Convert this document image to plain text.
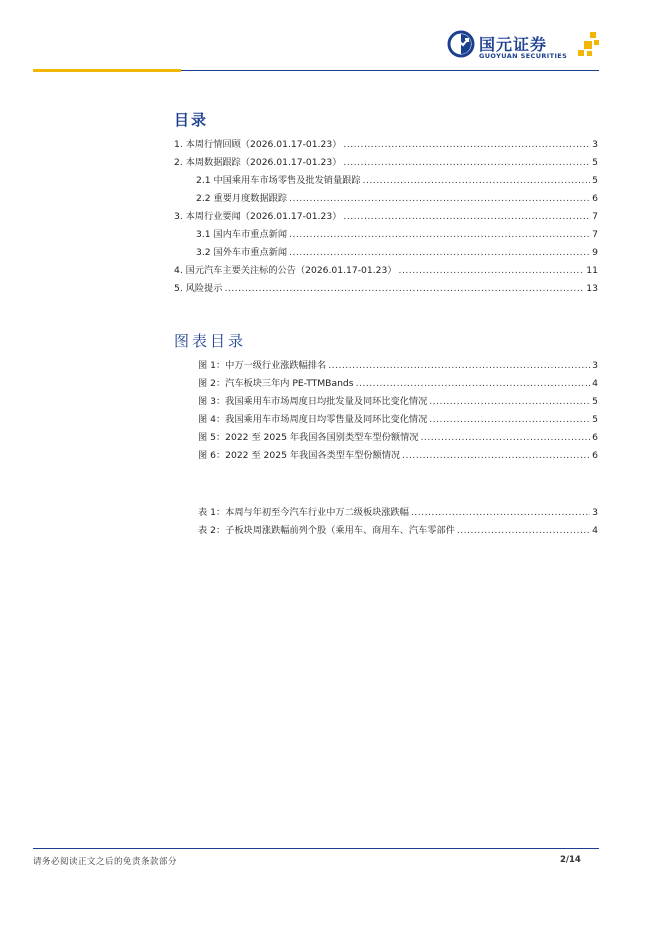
国元证券
GUOYUAN SECURITIES
目录
1. 本周行情回顾（2026.01.17-01.23） .....	3
2. 本周数据跟踪（2026.01.17-01.23） .....	5
2.1 中国乘用车市场零售及批发销量跟踪 .....	5
2.2 重要月度数据跟踪 .....	6
3. 本周行业要闻（2026.01.17-01.23） .....	7
3.1 国内车市重点新闻 .....	7
3.2 国外车市重点新闻 .....	9
4. 国元汽车主要关注标的公告（2026.01.17-01.23） .....	11
5. 风险提示 .....	13
图表目录
图 1：中万一级行业涨跌幅排名 .....	3
图 2：汽车板块三年内 PE-TTMBands .....	4
图 3：我国乘用车市场周度日均批发量及同环比变化情况 .....	5
图 4：我国乘用车市场周度日均零售量及同环比变化情况 .....	5
图 5：2022 至 2025 年我国各国别类型车型份额情况 .....	6
图 6：2022 至 2025 年我国各类型车型份额情况 .....	6
表 1：本周与年初至今汽车行业中万二级板块涨跌幅 .....	3
表 2：子板块周涨跌幅前列个股（乘用车、商用车、汽车零部件 .....	4
请务必阅读正文之后的免责条款部分	2/14
